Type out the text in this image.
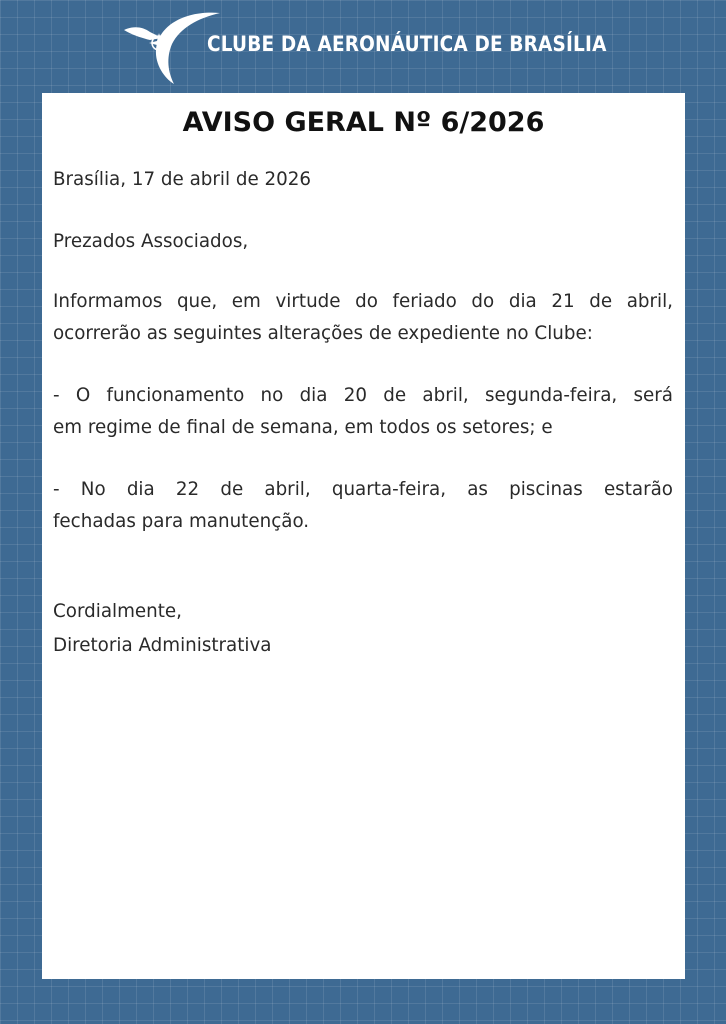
CLUBE DA AERONÁUTICA DE BRASÍLIA
AVISO GERAL Nº 6/2026
Brasília, 17 de abril de 2026
Prezados Associados,
Informamos que, em virtude do feriado do dia 21 de abril,
ocorrerão as seguintes alterações de expediente no Clube:
- O funcionamento no dia 20 de abril, segunda-feira, será
em regime de final de semana, em todos os setores; e
- No dia 22 de abril, quarta-feira, as piscinas estarão
fechadas para manutenção.
Cordialmente,
Diretoria Administrativa
